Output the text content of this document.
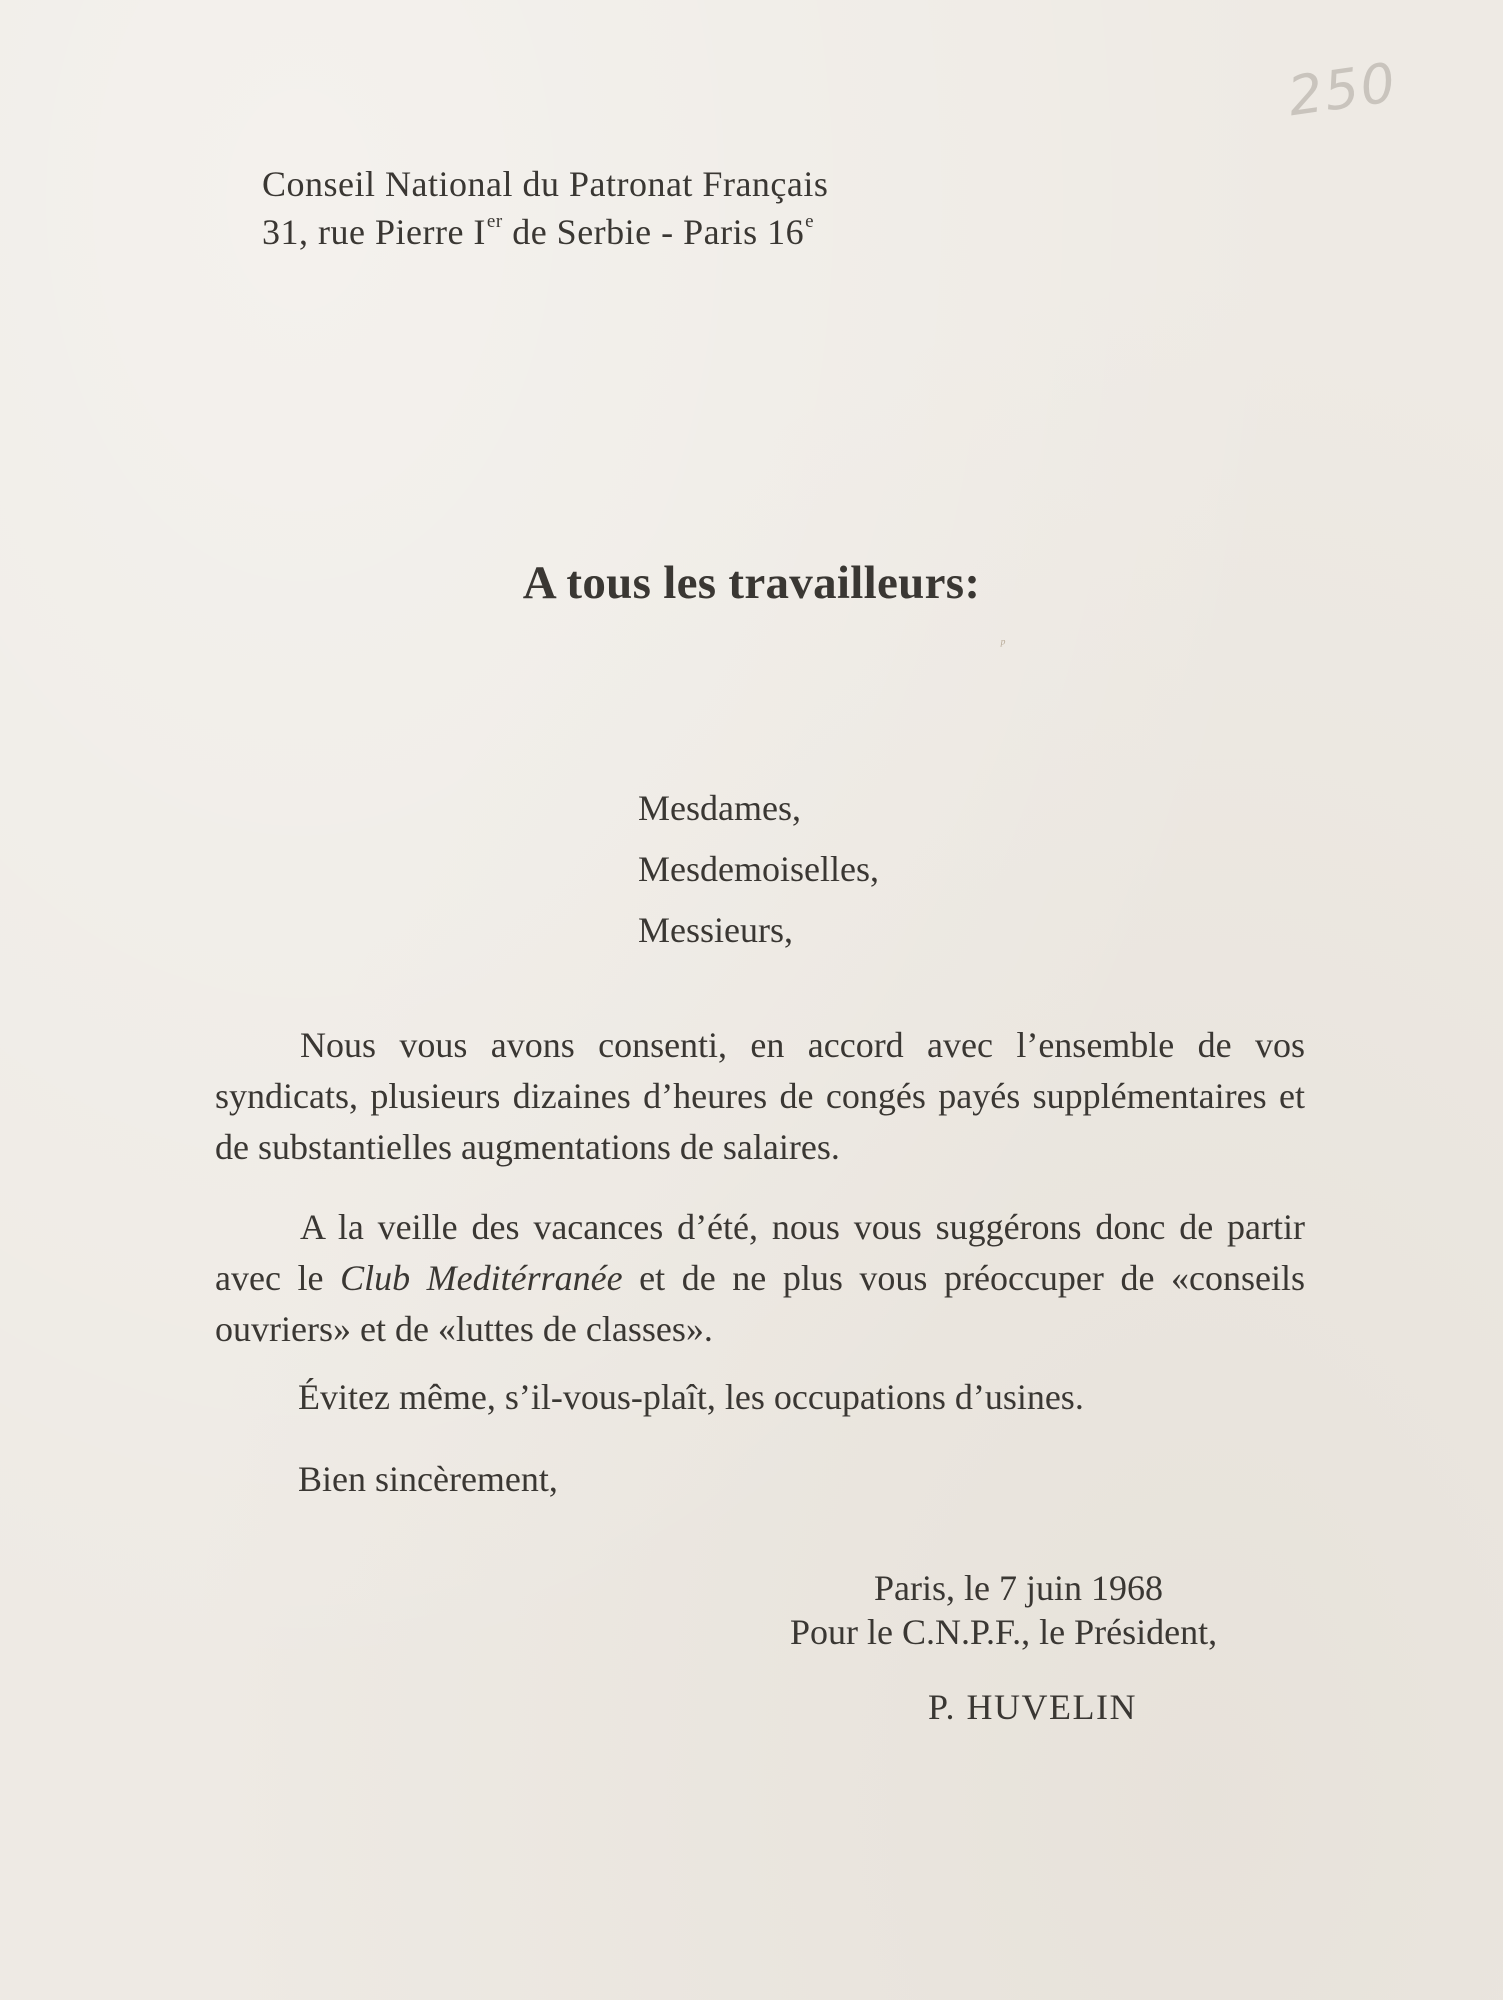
250
Conseil National du Patronat Français
31, rue Pierre Ier de Serbie - Paris 16e
A tous les travailleurs:
ᵖ
Mesdames,
Mesdemoiselles,
Messieurs,

Nous vous avons consenti, en accord avec l’ensemble de vos syndicats, plusieurs dizaines d’heures de congés payés supplémentaires et de substantielles augmentations de salaires.

A la veille des vacances d’été, nous vous suggérons donc de partir avec le Club Meditérranée et de ne plus vous préoccuper de «conseils ouvriers» et de «luttes de classes».

Évitez même, s’il-vous-plaît, les occupations d’usines.
Bien sincèrement,
Paris, le 7 juin 1968
Pour le C.N.P.F., le Président,
P. HUVELIN
